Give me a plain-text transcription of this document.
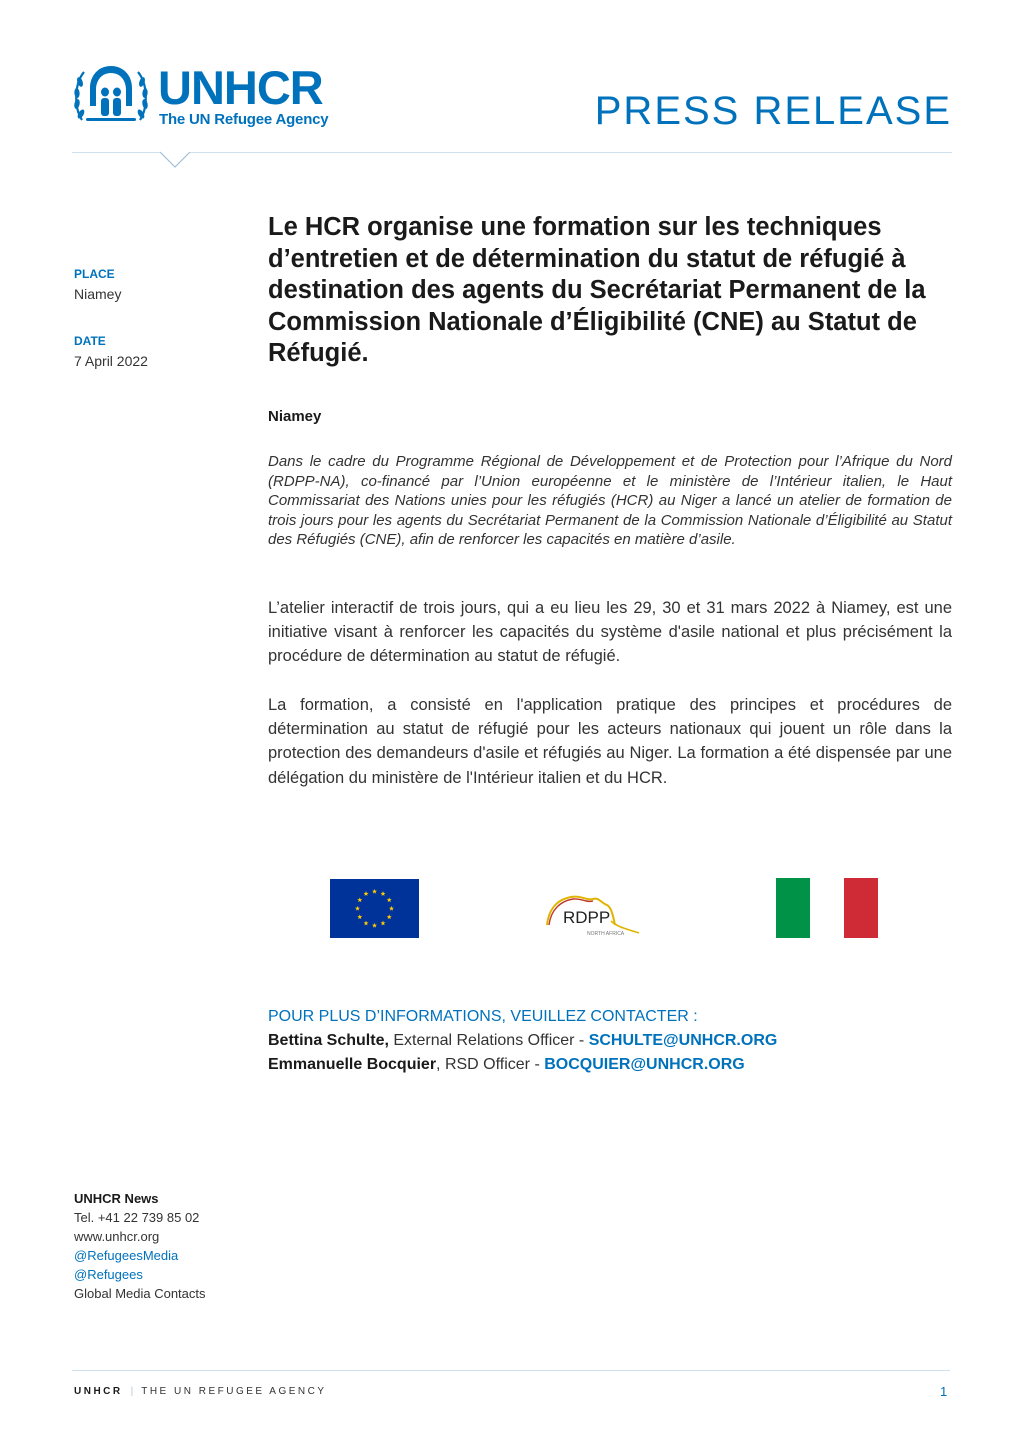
UNHCR
The UN Refugee Agency	PRESS RELEASE
PLACE
Niamey
DATE
7 April 2022
Le HCR organise une formation sur les techniques d’entretien et de détermination du statut de réfugié à destination des agents du Secrétariat Permanent de la Commission Nationale d’Éligibilité (CNE) au Statut de Réfugié.
Niamey
Dans le cadre du Programme Régional de Développement et de Protection pour l’Afrique du Nord (RDPP-NA), co-financé par l’Union européenne et le ministère de l’Intérieur italien, le Haut Commissariat des Nations unies pour les réfugiés (HCR) au Niger a lancé un atelier de formation de trois jours pour les agents du Secrétariat Permanent de la Commission Nationale d’Éligibilité au Statut des Réfugiés (CNE), afin de renforcer les capacités en matière d’asile.
L’atelier interactif de trois jours, qui a eu lieu les 29, 30 et 31 mars 2022 à Niamey, est une initiative visant à renforcer les capacités du système d'asile national et plus précisément la procédure de détermination au statut de réfugié.
La formation, a consisté en l'application pratique des principes et procédures de détermination au statut de réfugié pour les acteurs nationaux qui jouent un rôle dans la protection des demandeurs d'asile et réfugiés au Niger. La formation a été dispensée par une délégation du ministère de l'Intérieur italien et du HCR.
RDPP
NORTH AFRICA
POUR PLUS D’INFORMATIONS, VEUILLEZ CONTACTER :
Bettina Schulte, External Relations Officer - SCHULTE@UNHCR.ORG
Emmanuelle Bocquier, RSD Officer - BOCQUIER@UNHCR.ORG
UNHCR News
Tel. +41 22 739 85 02
www.unhcr.org
@RefugeesMedia
@Refugees
Global Media Contacts
UNHCR | THE UN REFUGEE AGENCY	1
